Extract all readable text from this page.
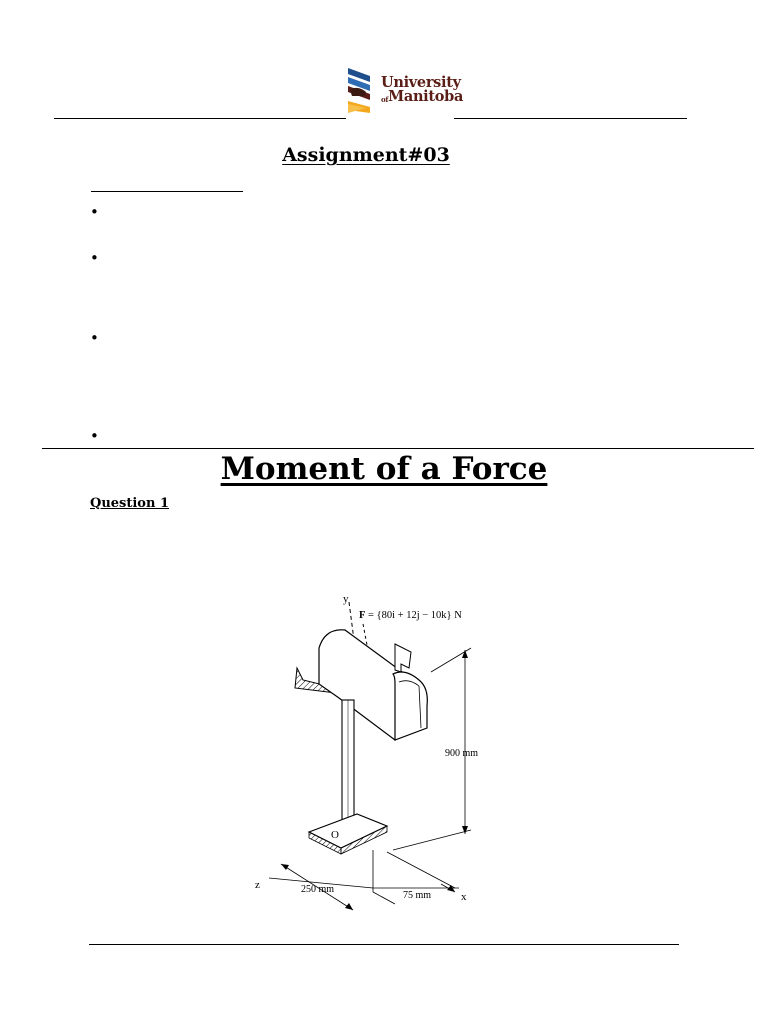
University
$^{of}$Manitoba
Assignment#03
•
•
•
•
Moment of a Force
Question 1
y
F = {80i + 12j − 10k} N
O
900 mm
z	250 mm
75 mm	x
